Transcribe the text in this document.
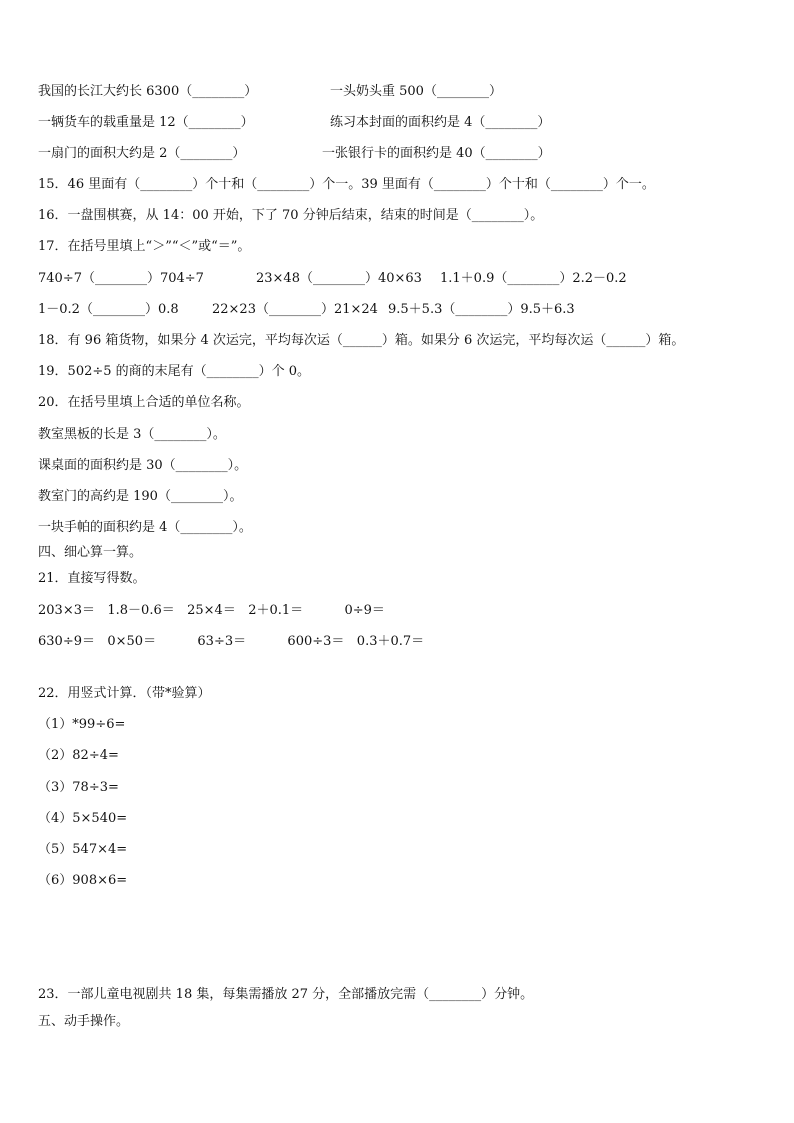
我国的长江大约长 6300（________）	一头奶头重 500（________）
一辆货车的载重量是 12（________）	练习本封面的面积约是 4（________）
一扇门的面积大约是 2（________）	一张银行卡的面积约是 40（________）
15．46 里面有（________）个十和（________）个一。39 里面有（________）个十和（________）个一。
16．一盘围棋赛，从 14：00 开始，下了 70 分钟后结束，结束的时间是（________）。
17．在括号里填上“＞”“＜”或“＝”。
740÷7（________）704÷7	23×48（________）40×63 1.1＋0.9（________）2.2－0.2
1－0.2（________）0.8	22×23（________）21×24 9.5＋5.3（________）9.5＋6.3
18．有 96 箱货物，如果分 4 次运完，平均每次运（______）箱。如果分 6 次运完，平均每次运（______）箱。
19．502÷5 的商的末尾有（________）个 0。
20．在括号里填上合适的单位名称。
教室黑板的长是 3（________）。
课桌面的面积约是 30（________）。
教室门的高约是 190（________）。
一块手帕的面积约是 4（________）。
四、细心算一算。
21．直接写得数。
203×3＝   1.8－0.6＝   25×4＝   2＋0.1＝          0÷9＝
630÷9＝   0×50＝          63÷3＝          600÷3＝   0.3＋0.7＝
22．用竖式计算．（带*验算）
（1）*99÷6=
（2）82÷4=
（3）78÷3=
（4）5×540=
（5）547×4=
（6）908×6=
23．一部儿童电视剧共 18 集，每集需播放 27 分，全部播放完需（________）分钟。
五、动手操作。
